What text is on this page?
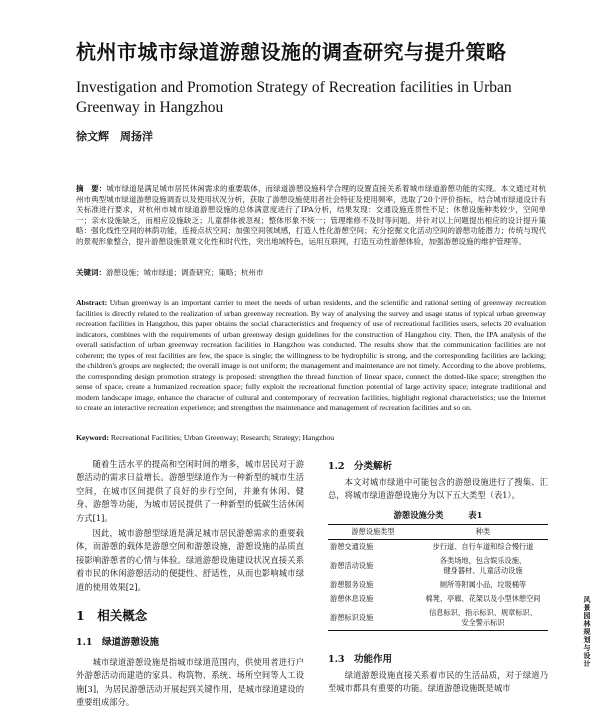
杭州市城市绿道游憩设施的调查研究与提升策略
Investigation and Promotion Strategy of Recreation facilities in Urban Greenway in Hangzhou
徐文辉　周扬洋
摘　要：城市绿道是满足城市居民休闲需求的重要载体，而绿道游憩设施科学合理的设置直接关系着城市绿道游憩功能的实现。本文通过对杭州市典型城市绿道游憩设施调查以及使用状况分析，获取了游憩设施使用者社会特征及使用频率，选取了20个评价指标，结合城市绿道设计有关标准进行要求，对杭州市城市绿道游憩设施的总体满意度进行了IPA分析，结果发现：交通设施连贯性不足；休憩设施种类较少，空间单一；亲水设施缺乏，而相应设施缺乏；儿童群体被忽视；整体形象不统一；管理维修不及时等问题。并针对以上问题提出相应的设计提升策略：强化线性空间的林荫功能，连接点状空间；加强空间领域感，打造人性化游憩空间；充分挖掘文化活动空间的游憩功能潜力；传统与现代的景观形象整合，提升游憩设施景观文化性和时代性，突出地域特色，运用互联网，打造互动性游憩体验，加强游憩设施的维护管理等。
关键词：游憩设施；城市绿道；调查研究；策略；杭州市
Abstract: Urban greenway is an important carrier to meet the needs of urban residents, and the scientific and rational setting of greenway recreation facilities is directly related to the realization of urban greenway recreation. By way of analysing the survey and usage status of typical urban greenway recreation facilities in Hangzhou, this paper obtains the social characteristics and frequency of use of recreational facilities users, selects 20 evaluation indicators, combines with the requirements of urban greenway design guidelines for the construction of Hangzhou city. Then, the IPA analysis of the overall satisfaction of urban greenway recreation facilities in Hangzhou was conducted. The results show that the communication facilities are not coherent; the types of rest facilities are few, the space is single; the willingness to be hydrophilic is strong, and the corresponding facilities are lacking; the children's groups are neglected; the overall image is not uniform; the management and maintenance are not timely. According to the above problems, the corresponding design promotion strategy is proposed: strengthen the thread function of linear space, connect the dotted-like space; strengthen the sense of space, create a humanized recreation space; fully exploit the recreational function potential of large activity space; integrate traditional and modern landscape image, enhance the character of cultural and contemporary of recreation facilities, highlight regional characteristics; use the Internet to create an interactive recreation experience; and strengthen the maintenance and management of recreation facilities and so on.
Keyword: Recreational Facilities; Urban Greenway; Research; Strategy; Hangzhou

随着生活水平的提高和空闲时间的增多，城市居民对于游憩活动的需求日益增长。游憩型绿道作为一种新型的城市生活空间，在城市区间提供了良好的步行空间，并兼有休闲、健身、游憩等功能，为城市居民提供了一种新型的低碳生活休闲方式[1]。

因此，城市游憩型绿道是满足城市居民游憩需求的重要载体，而游憩的载体是游憩空间和游憩设施，游憩设施的品质直接影响游憩者的心情与体验。绿道游憩设施建设状况直接关系着市民的休闲游憩活动的便捷性、舒适性，从而也影响城市绿道的使用效果[2]。

1　相关概念
1.1　绿道游憩设施

城市绿道游憩设施是指城市绿道范围内，供使用者进行户外游憩活动而建造的家具、构筑物、系统、场所空间等人工设施[3]，为居民游憩活动开展起到关键作用，是城市绿道建设的重要组成部分。

1.2　分类解析

本文对城市绿道中可能包含的游憩设施进行了搜集、汇总，将城市绿道游憩设施分为以下五大类型（表1）。

游憩设施分类　　　表1
游憩设施类型	种类
游憩交通设施	步行道、自行车道和综合慢行道
游憩活动设施	各类场地，包含娱乐设施、
健身器材、儿童活动设施
游憩服务设施	厕所等附属小品，垃圾桶等
游憩休息设施	棉凳、亭廊、花架以及小型休憩空间
游憩标识设施	信息标识、指示标识、规章标识、
安全警示标识
1.3　功能作用

绿道游憩设施直接关系着市民的生活品质，对于绿道乃至城市都具有重要的功能。绿道游憩设施既是城市

风景园林规划与设计
